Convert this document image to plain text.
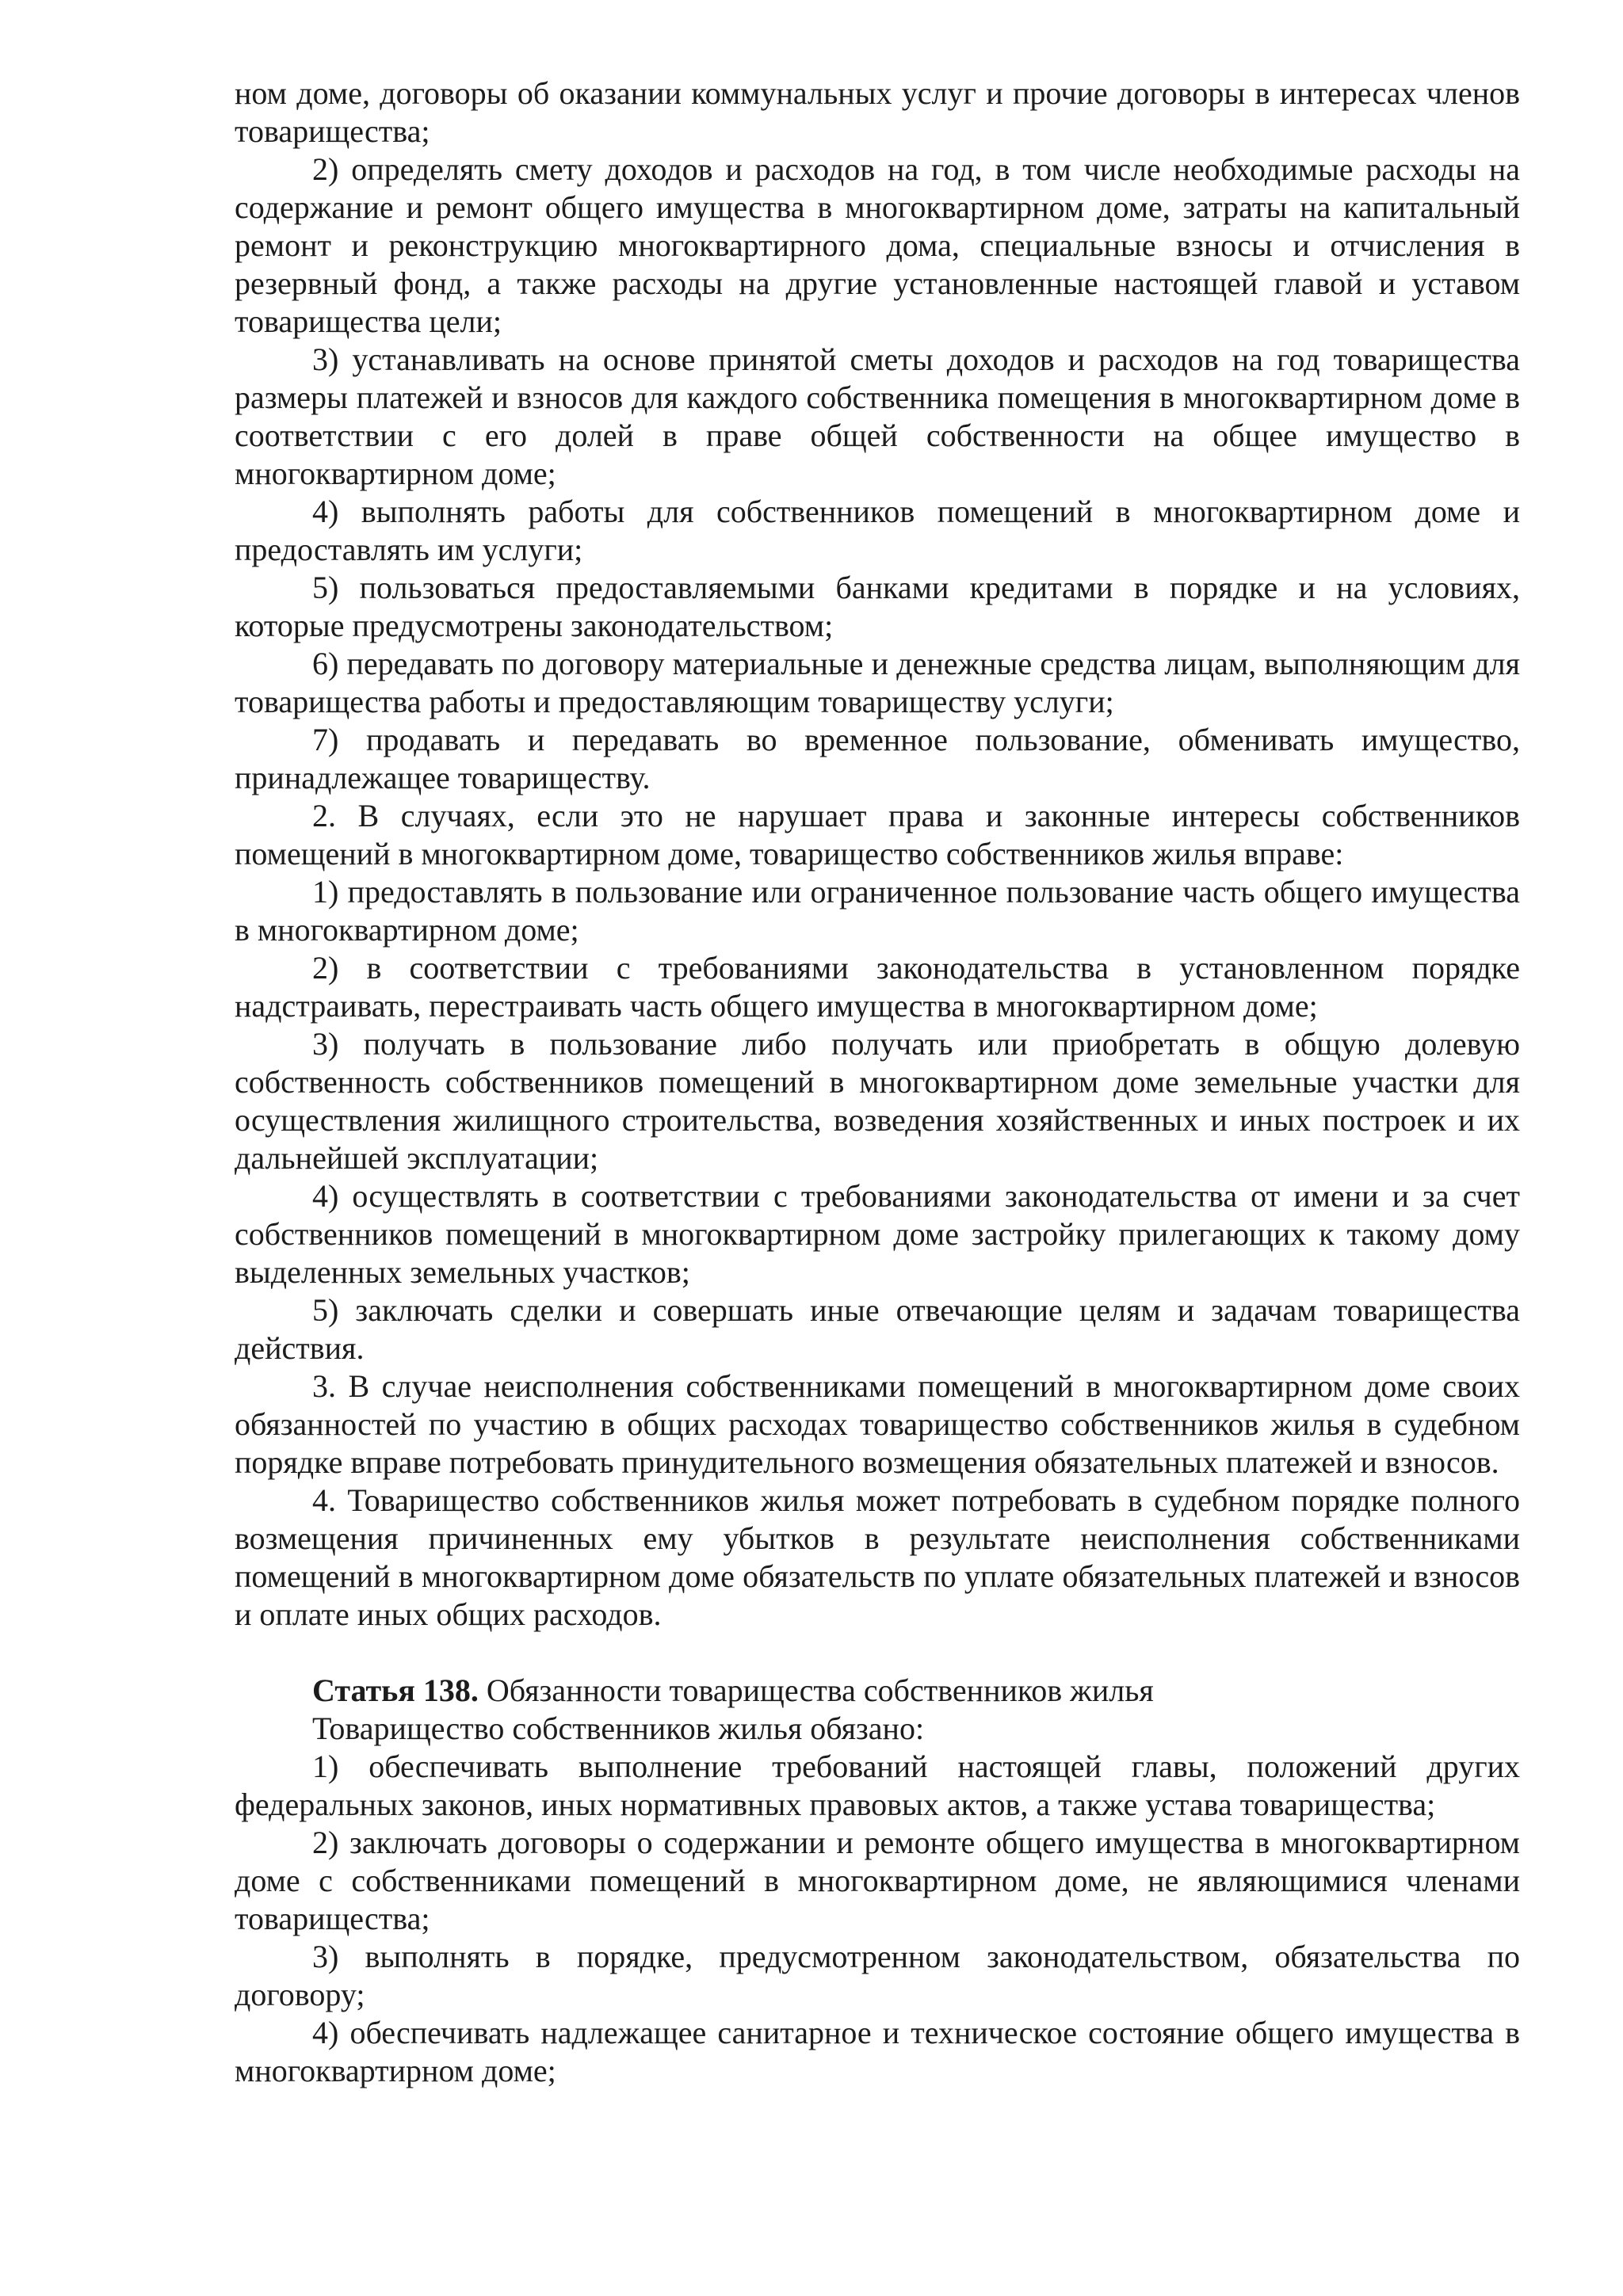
ном доме, договоры об оказании коммунальных услуг и прочие договоры в интересах членов товарищества;

2) определять смету доходов и расходов на год, в том числе необходимые расходы на содержание и ремонт общего имущества в многоквартирном доме, затраты на капитальный ремонт и реконструкцию многоквартирного дома, специальные взносы и отчисления в резервный фонд, а также расходы на другие установленные настоящей главой и уставом товарищества цели;

3) устанавливать на основе принятой сметы доходов и расходов на год товарищества размеры платежей и взносов для каждого собственника помещения в многоквартирном доме в соответствии с его долей в праве общей собственности на общее имущество в многоквартирном доме;

4) выполнять работы для собственников помещений в многоквартирном доме и предоставлять им услуги;

5) пользоваться предоставляемыми банками кредитами в порядке и на условиях, которые предусмотрены законодательством;

6) передавать по договору материальные и денежные средства лицам, выполняющим для товарищества работы и предоставляющим товариществу услуги;

7) продавать и передавать во временное пользование, обменивать имущество, принадлежащее товариществу.

2. В случаях, если это не нарушает права и законные интересы собственников помещений в многоквартирном доме, товарищество собственников жилья вправе:

1) предоставлять в пользование или ограниченное пользование часть общего имущества в многоквартирном доме;

2) в соответствии с требованиями законодательства в установленном порядке надстраивать, перестраивать часть общего имущества в многоквартирном доме;

3) получать в пользование либо получать или приобретать в общую долевую собственность собственников помещений в многоквартирном доме земельные участки для осуществления жилищного строительства, возведения хозяйственных и иных построек и их дальнейшей эксплуатации;

4) осуществлять в соответствии с требованиями законодательства от имени и за счет собственников помещений в многоквартирном доме застройку прилегающих к такому дому выделенных земельных участков;

5) заключать сделки и совершать иные отвечающие целям и задачам товарищества действия.

3. В случае неисполнения собственниками помещений в многоквартирном доме своих обязанностей по участию в общих расходах товарищество собственников жилья в судебном порядке вправе потребовать принудительного возмещения обязательных платежей и взносов.

4. Товарищество собственников жилья может потребовать в судебном порядке полного возмещения причиненных ему убытков в результате неисполнения собственниками помещений в многоквартирном доме обязательств по уплате обязательных платежей и взносов и оплате иных общих расходов.

Статья 138. Обязанности товарищества собственников жилья

Товарищество собственников жилья обязано:

1) обеспечивать выполнение требований настоящей главы, положений других федеральных законов, иных нормативных правовых актов, а также устава товарищества;

2) заключать договоры о содержании и ремонте общего имущества в многоквартирном доме с собственниками помещений в многоквартирном доме, не являющимися членами товарищества;

3) выполнять в порядке, предусмотренном законодательством, обязательства по договору;

4) обеспечивать надлежащее санитарное и техническое состояние общего имущества в многоквартирном доме;
